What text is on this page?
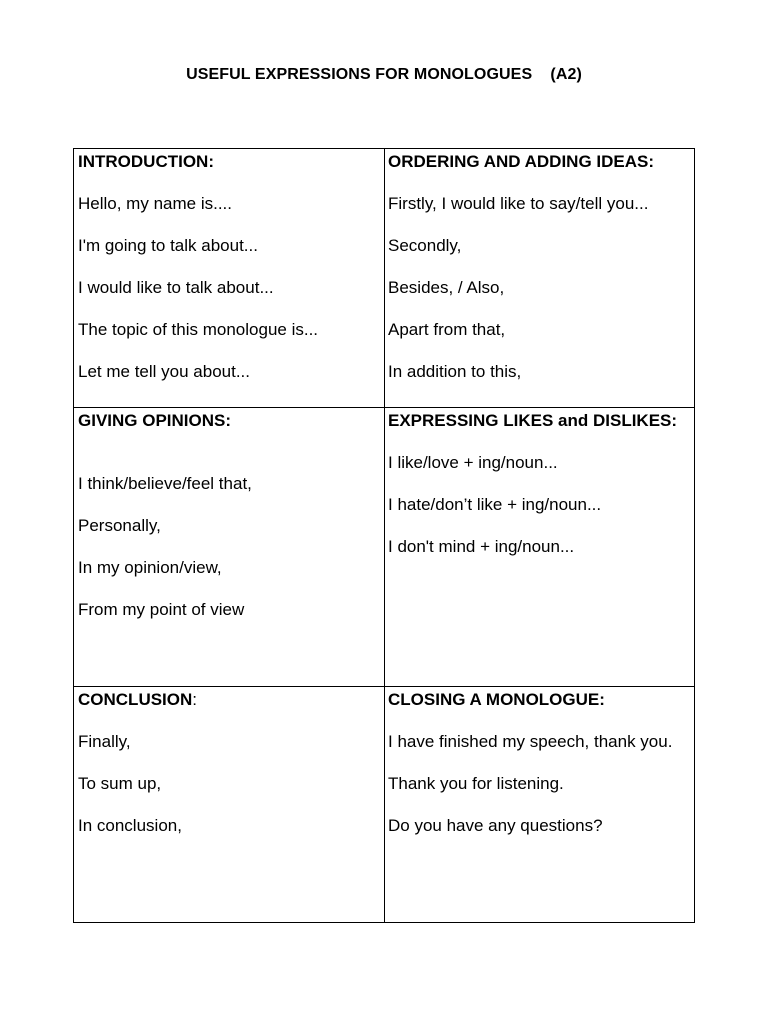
USEFUL EXPRESSIONS FOR MONOLOGUES    (A2)
INTRODUCTION:
Hello, my name is....
I'm going to talk about...
I would like to talk about...
The topic of this monologue is...
Let me tell you about...
ORDERING AND ADDING IDEAS:
Firstly, I would like to say/tell you...
Secondly,
Besides, / Also,
Apart from that,
In addition to this,
GIVING OPINIONS:
I think/believe/feel that,
Personally,
In my opinion/view,
From my point of view
EXPRESSING LIKES and DISLIKES:
I like/love + ing/noun...
I hate/don’t like + ing/noun...
I don't mind + ing/noun...
CONCLUSION:
Finally,
To sum up,
In conclusion,
CLOSING A MONOLOGUE:
I have finished my speech, thank you.
Thank you for listening.
Do you have any questions?
